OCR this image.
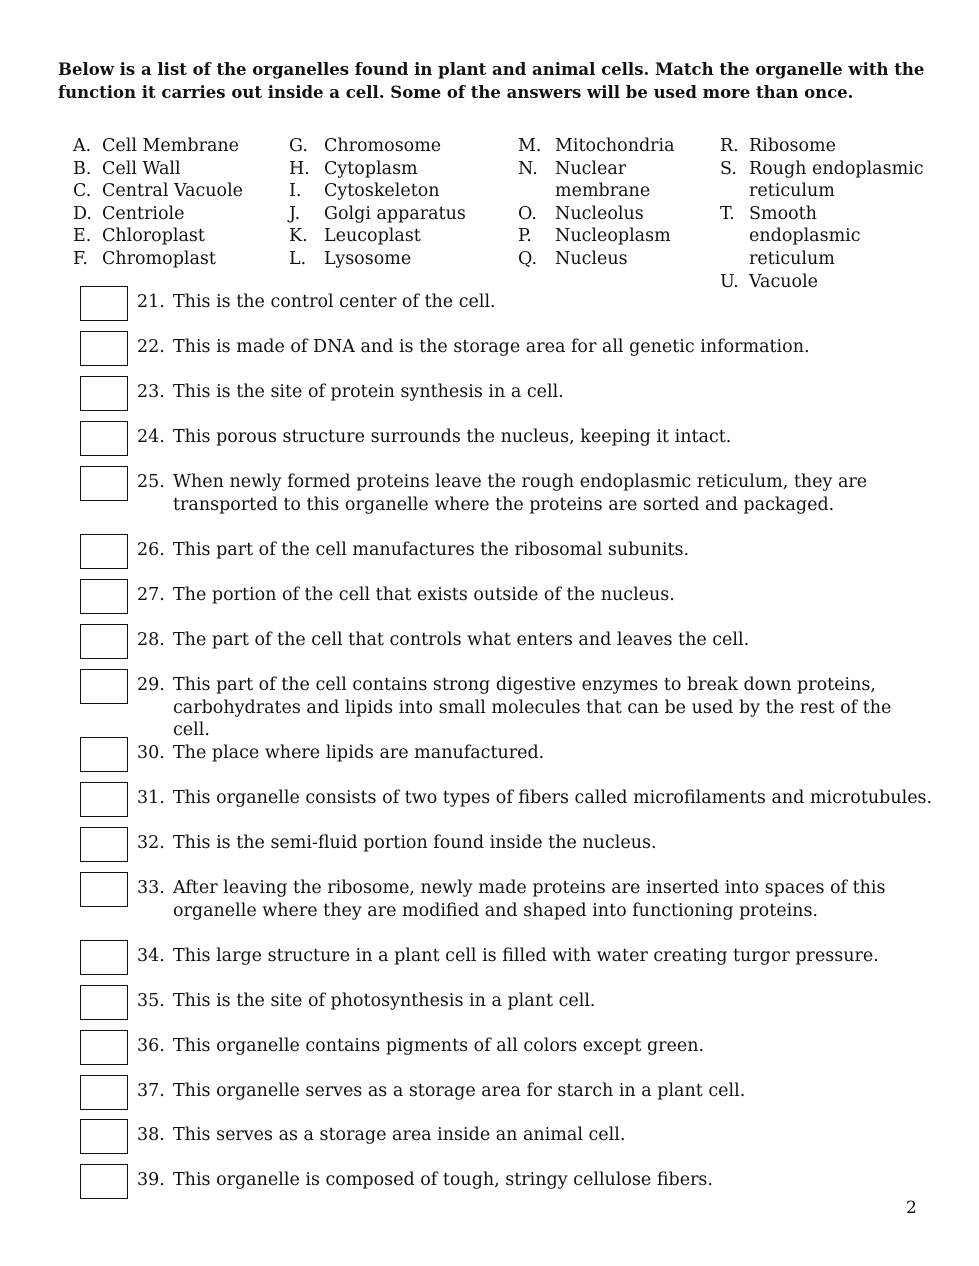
Below is a list of the organelles found in plant and animal cells. Match the organelle with the function it carries out inside a cell. Some of the answers will be used more than once.

A. Cell Membrane
B. Cell Wall
C. Central Vacuole
D. Centriole
E. Chloroplast
F. Chromoplast
G. Chromosome
H. Cytoplasm
I.	Cytoskeleton
J.	Golgi apparatus
K. Leucoplast
L.	Lysosome
M. Mitochondria
N. Nuclear membrane
O.	Nucleolus
P.	Nucleoplasm
Q.	Nucleus
R. Ribosome
S. Rough endoplasmic reticulum
T. Smooth endoplasmic reticulum
U. Vacuole
21. This is the control center of the cell.
22. This is made of DNA and is the storage area for all genetic information.
23. This is the site of protein synthesis in a cell.
24. This porous structure surrounds the nucleus, keeping it intact.
25. When newly formed proteins leave the rough endoplasmic reticulum, they are transported to this organelle where the proteins are sorted and packaged.
26. This part of the cell manufactures the ribosomal subunits.
27. The portion of the cell that exists outside of the nucleus.
28. The part of the cell that controls what enters and leaves the cell.
29. This part of the cell contains strong digestive enzymes to break down proteins, carbohydrates and lipids into small molecules that can be used by the rest of the cell.
30. The place where lipids are manufactured.
31. This organelle consists of two types of fibers called microfilaments and microtubules.
32. This is the semi-fluid portion found inside the nucleus.
33. After leaving the ribosome, newly made proteins are inserted into spaces of this organelle where they are modified and shaped into functioning proteins.
34. This large structure in a plant cell is filled with water creating turgor pressure.
35. This is the site of photosynthesis in a plant cell.
36. This organelle contains pigments of all colors except green.
37. This organelle serves as a storage area for starch in a plant cell.
38. This serves as a storage area inside an animal cell.
39. This organelle is composed of tough, stringy cellulose fibers.
2
